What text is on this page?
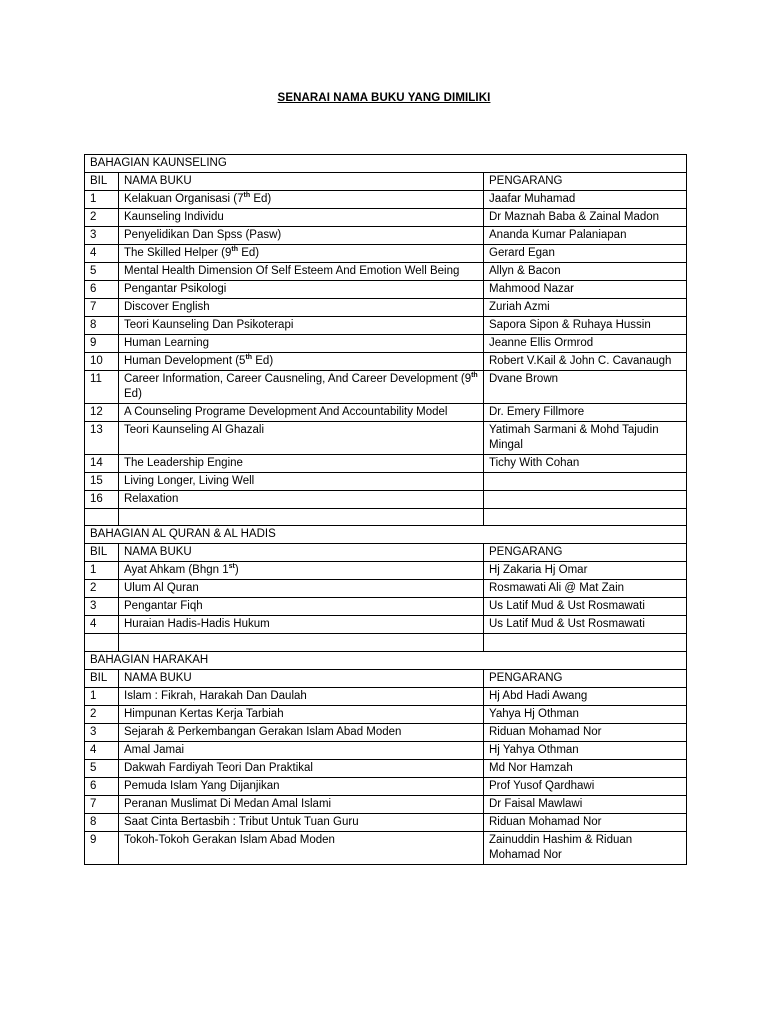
SENARAI NAMA BUKU YANG DIMILIKI
BAHAGIAN KAUNSELING		
BIL	NAMA BUKU	PENGARANG
1	Kelakuan Organisasi (7th Ed)	Jaafar Muhamad
2	Kaunseling Individu	Dr Maznah Baba & Zainal Madon
3	Penyelidikan Dan Spss (Pasw)	Ananda Kumar Palaniapan
4	The Skilled Helper (9th Ed)	Gerard Egan
5	Mental Health Dimension Of Self Esteem And Emotion Well Being	Allyn & Bacon
6	Pengantar Psikologi	Mahmood Nazar
7	Discover English	Zuriah Azmi
8	Teori Kaunseling Dan Psikoterapi	Sapora Sipon & Ruhaya Hussin
9	Human Learning	Jeanne Ellis Ormrod
10	Human Development (5th Ed)	Robert V.Kail & John C. Cavanaugh
11	Career Information, Career Causneling, And Career Development (9th Ed)	Dvane Brown
12	A Counseling Programe Development And Accountability Model	Dr. Emery Fillmore
13	Teori Kaunseling Al Ghazali	Yatimah Sarmani & Mohd Tajudin Mingal
14	The Leadership Engine	Tichy With Cohan
15	Living Longer, Living Well	
16	Relaxation	

BAHAGIAN AL QURAN & AL HADIS		
BIL	NAMA BUKU	PENGARANG
1	Ayat Ahkam (Bhgn 1st)	Hj Zakaria Hj Omar
2	Ulum Al Quran	Rosmawati Ali @ Mat Zain
3	Pengantar Fiqh	Us Latif Mud & Ust Rosmawati
4	Huraian Hadis-Hadis Hukum	Us Latif Mud & Ust Rosmawati

BAHAGIAN HARAKAH		
BIL	NAMA BUKU	PENGARANG
1	Islam : Fikrah, Harakah Dan Daulah	Hj Abd Hadi Awang
2	Himpunan Kertas Kerja Tarbiah	Yahya Hj Othman
3	Sejarah & Perkembangan Gerakan Islam Abad Moden	Riduan Mohamad Nor
4	Amal Jamai	Hj Yahya Othman
5	Dakwah Fardiyah Teori Dan Praktikal	Md Nor Hamzah
6	Pemuda Islam Yang Dijanjikan	Prof Yusof Qardhawi
7	Peranan Muslimat Di Medan Amal Islami	Dr Faisal Mawlawi
8	Saat Cinta Bertasbih : Tribut Untuk Tuan Guru	Riduan Mohamad Nor
9	Tokoh-Tokoh Gerakan Islam Abad Moden	Zainuddin Hashim & Riduan Mohamad Nor
